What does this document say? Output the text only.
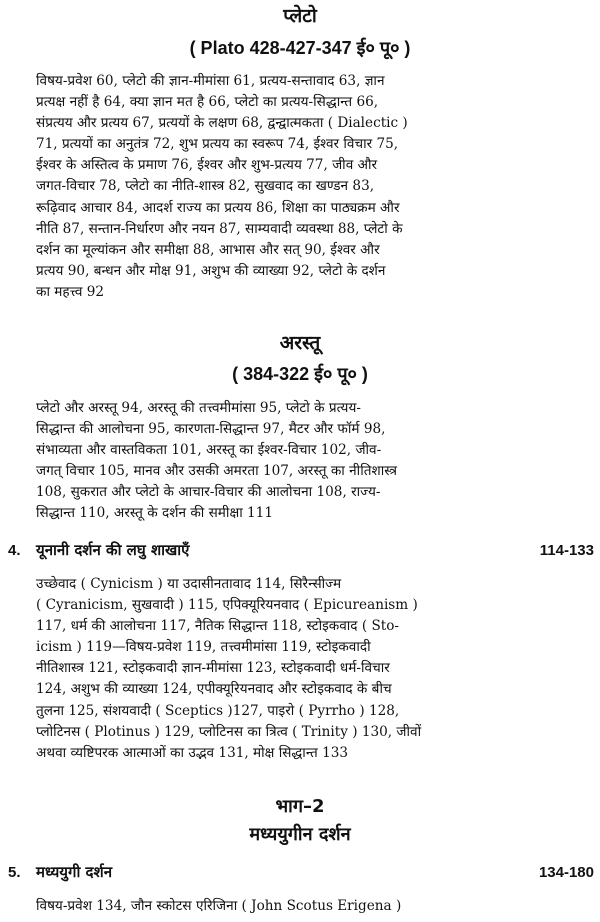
प्लेटो
( Plato 428-427-347 ई० पू० )
विषय-प्रवेश 60, प्लेटो की ज्ञान-मीमांसा 61, प्रत्यय-सन्तावाद 63, ज्ञान
प्रत्यक्ष नहीं है 64, क्या ज्ञान मत है 66, प्लेटो का प्रत्यय-सिद्धान्त 66,
संप्रत्यय और प्रत्यय 67, प्रत्ययों के लक्षण 68, द्वन्द्वात्मकता ( Dialectic )
71, प्रत्ययों का अनुतंत्र 72, शुभ प्रत्यय का स्वरूप 74, ईश्वर विचार 75,
ईश्वर के अस्तित्व के प्रमाण 76, ईश्वर और शुभ-प्रत्यय 77, जीव और
जगत-विचार 78, प्लेटो का नीति-शास्त्र 82, सुखवाद का खण्डन 83,
रूढ़िवाद आचार 84, आदर्श राज्य का प्रत्यय 86, शिक्षा का पाठ्यक्रम और
नीति 87, सन्तान-निर्धारण और नयन 87, साम्यवादी व्यवस्था 88, प्लेटो के
दर्शन का मूल्यांकन और समीक्षा 88, आभास और सत् 90, ईश्वर और
प्रत्यय 90, बन्धन और मोक्ष 91, अशुभ की व्याख्या 92, प्लेटो के दर्शन
का महत्त्व 92
अरस्तू
( 384-322 ई० पू० )
प्लेटो और अरस्तू 94, अरस्तू की तत्त्वमीमांसा 95, प्लेटो के प्रत्यय-
सिद्धान्त की आलोचना 95, कारणता-सिद्धान्त 97, मैटर और फॉर्म 98,
संभाव्यता और वास्तविकता 101, अरस्तू का ईश्वर-विचार 102, जीव-
जगत् विचार 105, मानव और उसकी अमरता 107, अरस्तू का नीतिशास्त्र
108, सुकरात और प्लेटो के आचार-विचार की आलोचना 108, राज्य-
सिद्धान्त 110, अरस्तू के दर्शन की समीक्षा 111
4. यूनानी दर्शन की लघु शाखाएँ	114-133
उच्छेवाद ( Cynicism ) या उदासीनतावाद 114, सिरैन्सीज्म
( Cyranicism, सुखवादी ) 115, एपिक्यूरियनवाद ( Epicureanism )
117, धर्म की आलोचना 117, नैतिक सिद्धान्त 118, स्टोइकवाद ( Sto-
icism ) 119—विषय-प्रवेश 119, तत्त्वमीमांसा 119, स्टोइकवादी
नीतिशास्त्र 121, स्टोइकवादी ज्ञान-मीमांसा 123, स्टोइकवादी धर्म-विचार
124, अशुभ की व्याख्या 124, एपीक्यूरियनवाद और स्टोइकवाद के बीच
तुलना 125, संशयवादी ( Sceptics )127, पाइरो ( Pyrrho ) 128,
प्लोटिनस ( Plotinus ) 129, प्लोटिनस का त्रित्व ( Trinity ) 130, जीवों
अथवा व्यष्टिपरक आत्माओं का उद्भव 131, मोक्ष सिद्धान्त 133
भाग–2
मध्ययुगीन दर्शन
5. मध्ययुगी दर्शन	134-180
विषय-प्रवेश 134, जौन स्कोटस एरिजिना ( John Scotus Erigena )
